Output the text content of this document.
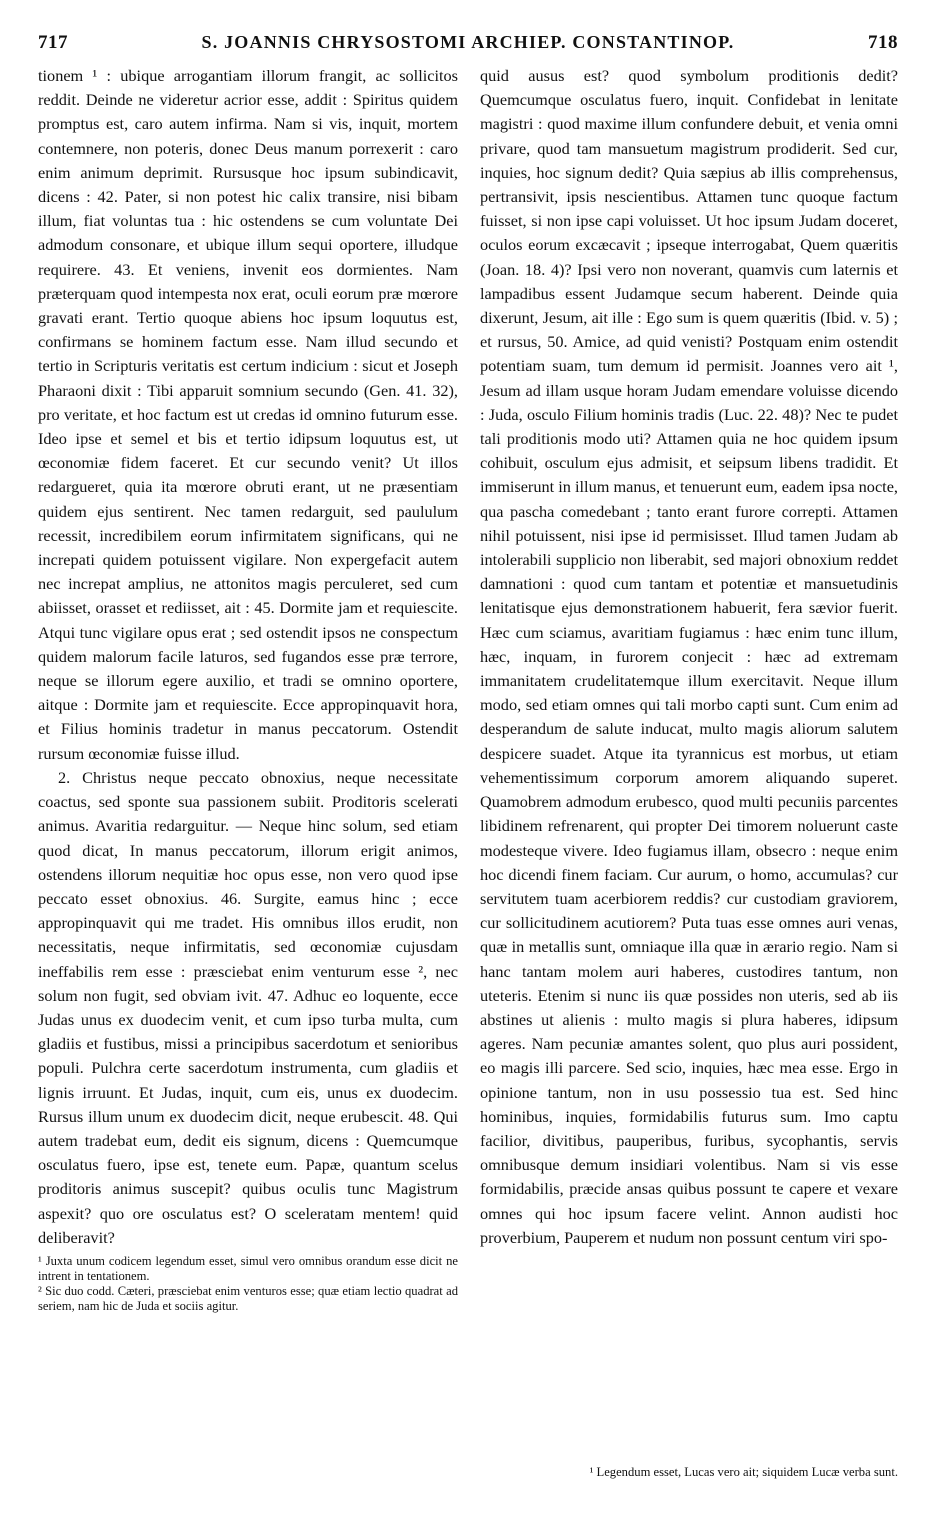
717	S. JOANNIS CHRYSOSTOMI ARCHIEP. CONSTANTINOP.	718

tionem ¹ : ubique arrogantiam illorum frangit, ac sollicitos reddit. Deinde ne videretur acrior esse, addit : Spiritus quidem promptus est, caro autem infirma. Nam si vis, inquit, mortem contemnere, non poteris, donec Deus manum porrexerit : caro enim animum deprimit. Rursusque hoc ipsum subindicavit, dicens : 42. Pater, si non potest hic calix transire, nisi bibam illum, fiat voluntas tua : hic ostendens se cum voluntate Dei admodum consonare, et ubique illum sequi oportere, illudque requirere. 43. Et veniens, invenit eos dormientes. Nam præterquam quod intempesta nox erat, oculi eorum præ mœrore gravati erant. Tertio quoque abiens hoc ipsum loquutus est, confirmans se hominem factum esse. Nam illud secundo et tertio in Scripturis veritatis est certum indicium : sicut et Joseph Pharaoni dixit : Tibi apparuit somnium secundo (Gen. 41. 32), pro veritate, et hoc factum est ut credas id omnino futurum esse. Ideo ipse et semel et bis et tertio idipsum loquutus est, ut œconomiæ fidem faceret. Et cur secundo venit? Ut illos redargueret, quia ita mœrore obruti erant, ut ne præsentiam quidem ejus sentirent. Nec tamen redarguit, sed paululum recessit, incredibilem eorum infirmitatem significans, qui ne increpati quidem potuissent vigilare. Non expergefacit autem nec increpat amplius, ne attonitos magis perculeret, sed cum abiisset, orasset et rediisset, ait : 45. Dormite jam et requiescite. Atqui tunc vigilare opus erat ; sed ostendit ipsos ne conspectum quidem malorum facile laturos, sed fugandos esse præ terrore, neque se illorum egere auxilio, et tradi se omnino oportere, aitque : Dormite jam et requiescite. Ecce appropinquavit hora, et Filius hominis tradetur in manus peccatorum. Ostendit rursum œconomiæ fuisse illud.

2. Christus neque peccato obnoxius, neque necessitate coactus, sed sponte sua passionem subiit. Proditoris scelerati animus. Avaritia redarguitur. — Neque hinc solum, sed etiam quod dicat, In manus peccatorum, illorum erigit animos, ostendens illorum nequitiæ hoc opus esse, non vero quod ipse peccato esset obnoxius. 46. Surgite, eamus hinc ; ecce appropinquavit qui me tradet. His omnibus illos erudit, non necessitatis, neque infirmitatis, sed œconomiæ cujusdam ineffabilis rem esse : præsciebat enim venturum esse ², nec solum non fugit, sed obviam ivit. 47. Adhuc eo loquente, ecce Judas unus ex duodecim venit, et cum ipso turba multa, cum gladiis et fustibus, missi a principibus sacerdotum et senioribus populi. Pulchra certe sacerdotum instrumenta, cum gladiis et lignis irruunt. Et Judas, inquit, cum eis, unus ex duodecim. Rursus illum unum ex duodecim dicit, neque erubescit. 48. Qui autem tradebat eum, dedit eis signum, dicens : Quemcumque osculatus fuero, ipse est, tenete eum. Papæ, quantum scelus proditoris animus suscepit? quibus oculis tunc Magistrum aspexit? quo ore osculatus est? O sceleratam mentem! quid deliberavit?

¹ Juxta unum codicem legendum esset, simul vero omnibus orandum esse dicit ne intrent in tentationem.

² Sic duo codd. Cæteri, præsciebat enim venturos esse; quæ etiam lectio quadrat ad seriem, nam hic de Juda et sociis agitur.

quid ausus est? quod symbolum proditionis dedit? Quemcumque osculatus fuero, inquit. Confidebat in lenitate magistri : quod maxime illum confundere debuit, et venia omni privare, quod tam mansuetum magistrum prodiderit. Sed cur, inquies, hoc signum dedit? Quia sæpius ab illis comprehensus, pertransivit, ipsis nescientibus. Attamen tunc quoque factum fuisset, si non ipse capi voluisset. Ut hoc ipsum Judam doceret, oculos eorum excæcavit ; ipseque interrogabat, Quem quæritis (Joan. 18. 4)? Ipsi vero non noverant, quamvis cum laternis et lampadibus essent Judamque secum haberent. Deinde quia dixerunt, Jesum, ait ille : Ego sum is quem quæritis (Ibid. v. 5) ; et rursus, 50. Amice, ad quid venisti? Postquam enim ostendit potentiam suam, tum demum id permisit. Joannes vero ait ¹, Jesum ad illam usque horam Judam emendare voluisse dicendo : Juda, osculo Filium hominis tradis (Luc. 22. 48)? Nec te pudet tali proditionis modo uti? Attamen quia ne hoc quidem ipsum cohibuit, osculum ejus admisit, et seipsum libens tradidit. Et immiserunt in illum manus, et tenuerunt eum, eadem ipsa nocte, qua pascha comedebant ; tanto erant furore correpti. Attamen nihil potuissent, nisi ipse id permisisset. Illud tamen Judam ab intolerabili supplicio non liberabit, sed majori obnoxium reddet damnationi : quod cum tantam et potentiæ et mansuetudinis lenitatisque ejus demonstrationem habuerit, fera sævior fuerit. Hæc cum sciamus, avaritiam fugiamus : hæc enim tunc illum, hæc, inquam, in furorem conjecit : hæc ad extremam immanitatem crudelitatemque illum exercitavit. Neque illum modo, sed etiam omnes qui tali morbo capti sunt. Cum enim ad desperandum de salute inducat, multo magis aliorum salutem despicere suadet. Atque ita tyrannicus est morbus, ut etiam vehementissimum corporum amorem aliquando superet. Quamobrem admodum erubesco, quod multi pecuniis parcentes libidinem refrenarent, qui propter Dei timorem noluerunt caste modesteque vivere. Ideo fugiamus illam, obsecro : neque enim hoc dicendi finem faciam. Cur aurum, o homo, accumulas? cur servitutem tuam acerbiorem reddis? cur custodiam graviorem, cur sollicitudinem acutiorem? Puta tuas esse omnes auri venas, quæ in metallis sunt, omniaque illa quæ in ærario regio. Nam si hanc tantam molem auri haberes, custodires tantum, non uteteris. Etenim si nunc iis quæ possides non uteris, sed ab iis abstines ut alienis : multo magis si plura haberes, idipsum ageres. Nam pecuniæ amantes solent, quo plus auri possident, eo magis illi parcere. Sed scio, inquies, hæc mea esse. Ergo in opinione tantum, non in usu possessio tua est. Sed hinc hominibus, inquies, formidabilis futurus sum. Imo captu facilior, divitibus, pauperibus, furibus, sycophantis, servis omnibusque demum insidiari volentibus. Nam si vis esse formidabilis, præcide ansas quibus possunt te capere et vexare omnes qui hoc ipsum facere velint. Annon audisti hoc proverbium, Pauperem et nudum non possunt centum viri spo-

¹ Legendum esset, Lucas vero ait; siquidem Lucæ verba sunt.
